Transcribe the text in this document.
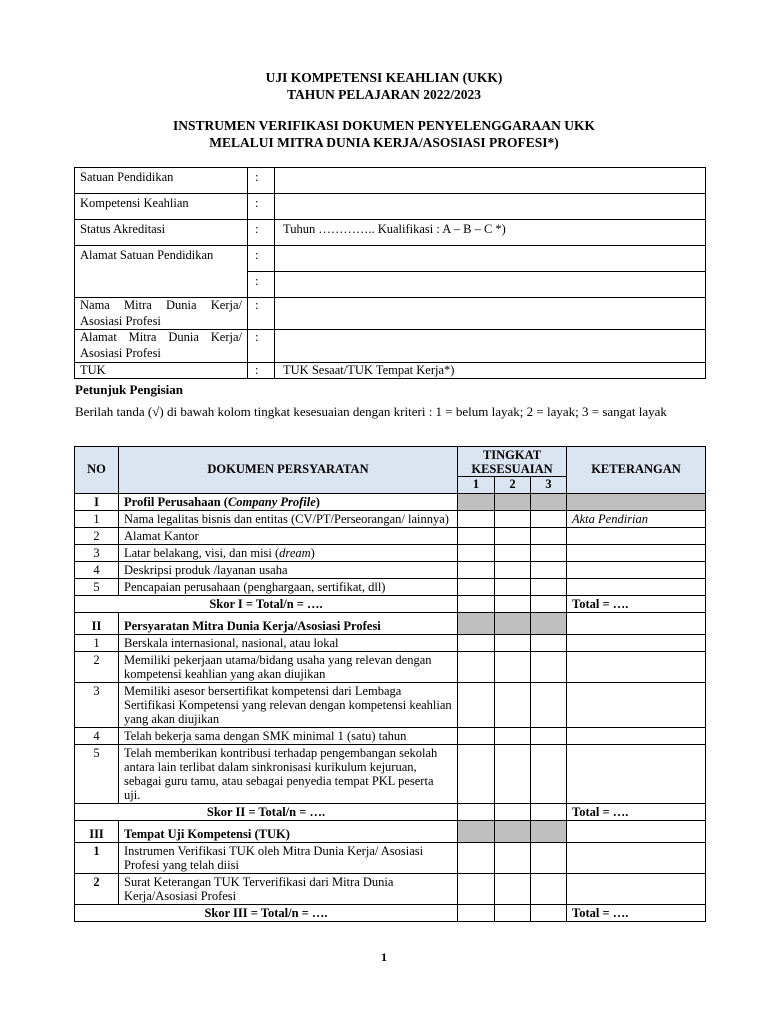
UJI KOMPETENSI KEAHLIAN (UKK)
TAHUN PELAJARAN 2022/2023
INSTRUMEN VERIFIKASI DOKUMEN PENYELENGGARAAN UKK
MELALUI MITRA DUNIA KERJA/ASOSIASI PROFESI*)
Satuan Pendidikan	:	
Kompetensi Keahlian	:	
Status Akreditasi	:	Tuhun ………….. Kualifikasi : A – B – C *)
Alamat Satuan Pendidikan	:	
	:	
Nama Mitra Dunia Kerja/ Asosiasi Profesi	:	
Alamat Mitra Dunia Kerja/ Asosiasi Profesi	:	
TUK	:	TUK Sesaat/TUK Tempat Kerja*)
Petunjuk Pengisian
Berilah tanda (√) di bawah kolom tingkat kesesuaian dengan kriteri : 1 = belum layak; 2 = layak; 3 = sangat layak
NO	DOKUMEN PERSYARATAN	TINGKAT KESESUAIAN			KETERANGAN
		1	2	3	
I	Profil Perusahaan (Company Profile)				
1	Nama legalitas bisnis dan entitas (CV/PT/Perseorangan/ lainnya)				Akta Pendirian
2	Alamat Kantor				
3	Latar belakang, visi, dan misi (dream)				
4	Deskripsi produk /layanan usaha				
5	Pencapaian perusahaan (penghargaan, sertifikat, dll)				
Skor I = Total/n = ….					Total = ….
II	Persyaratan Mitra Dunia Kerja/Asosiasi Profesi				
1	Berskala internasional, nasional, atau lokal				
2	Memiliki pekerjaan utama/bidang usaha yang relevan dengan kompetensi keahlian yang akan diujikan				
3	Memiliki asesor bersertifikat kompetensi dari Lembaga Sertifikasi Kompetensi yang relevan dengan kompetensi keahlian yang akan diujikan				
4	Telah bekerja sama dengan SMK minimal 1 (satu) tahun				
5	Telah memberikan kontribusi terhadap pengembangan sekolah antara lain terlibat dalam sinkronisasi kurikulum kejuruan, sebagai guru tamu, atau sebagai penyedia tempat PKL peserta uji.				
Skor II = Total/n = ….					Total = ….
III	Tempat Uji Kompetensi (TUK)				
1	Instrumen Verifikasi TUK oleh Mitra Dunia Kerja/ Asosiasi Profesi yang telah diisi				
2	Surat Keterangan TUK Terverifikasi dari Mitra Dunia Kerja/Asosiasi Profesi				
Skor III = Total/n = ….					Total = ….
1
